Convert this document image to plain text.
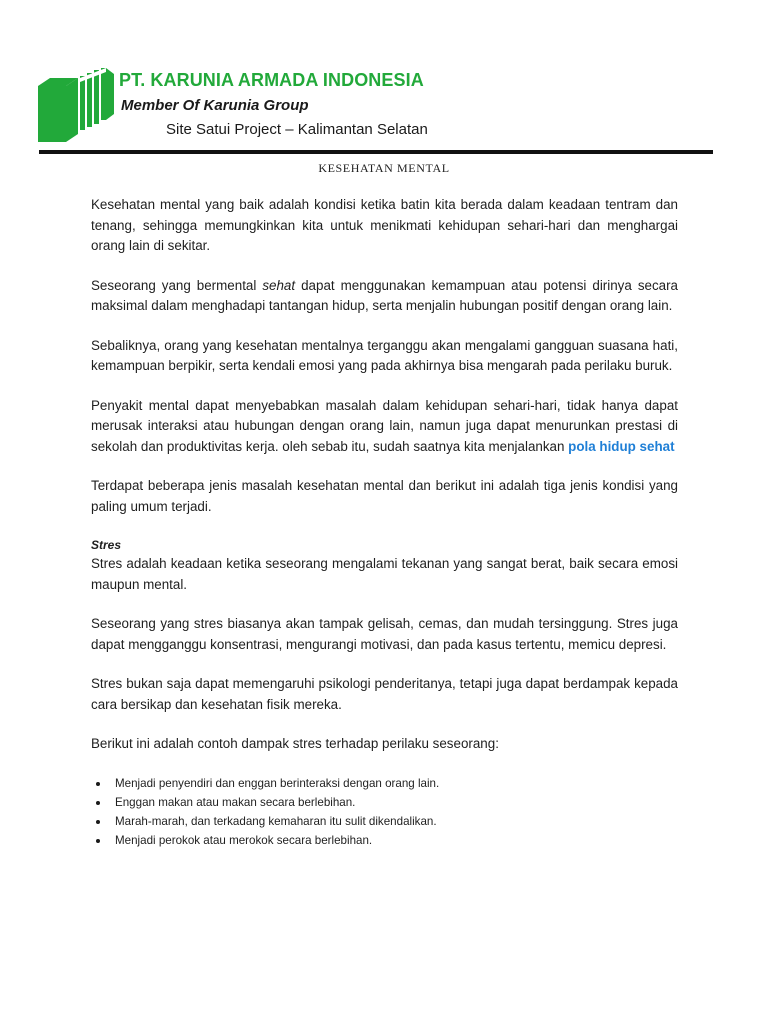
PT. KARUNIA ARMADA INDONESIA
Member Of Karunia Group
Site Satui Project – Kalimantan Selatan
KESEHATAN MENTAL

Kesehatan mental yang baik adalah kondisi ketika batin kita berada dalam keadaan tentram dan tenang, sehingga memungkinkan kita untuk menikmati kehidupan sehari-hari dan menghargai orang lain di sekitar.

Seseorang yang bermental sehat dapat menggunakan kemampuan atau potensi dirinya secara maksimal dalam menghadapi tantangan hidup, serta menjalin hubungan positif dengan orang lain.

Sebaliknya, orang yang kesehatan mentalnya terganggu akan mengalami gangguan suasana hati, kemampuan berpikir, serta kendali emosi yang pada akhirnya bisa mengarah pada perilaku buruk.

Penyakit mental dapat menyebabkan masalah dalam kehidupan sehari-hari, tidak hanya dapat merusak interaksi atau hubungan dengan orang lain, namun juga dapat menurunkan prestasi di sekolah dan produktivitas kerja. oleh sebab itu, sudah saatnya kita menjalankan pola hidup sehat

Terdapat beberapa jenis masalah kesehatan mental dan berikut ini adalah tiga jenis kondisi yang paling umum terjadi.

Stres

Stres adalah keadaan ketika seseorang mengalami tekanan yang sangat berat, baik secara emosi maupun mental.

Seseorang yang stres biasanya akan tampak gelisah, cemas, dan mudah tersinggung. Stres juga dapat mengganggu konsentrasi, mengurangi motivasi, dan pada kasus tertentu, memicu depresi.

Stres bukan saja dapat memengaruhi psikologi penderitanya, tetapi juga dapat berdampak kepada cara bersikap dan kesehatan fisik mereka.

Berikut ini adalah contoh dampak stres terhadap perilaku seseorang:

Menjadi penyendiri dan enggan berinteraksi dengan orang lain.
Enggan makan atau makan secara berlebihan.
Marah-marah, dan terkadang kemaharan itu sulit dikendalikan.
Menjadi perokok atau merokok secara berlebihan.
